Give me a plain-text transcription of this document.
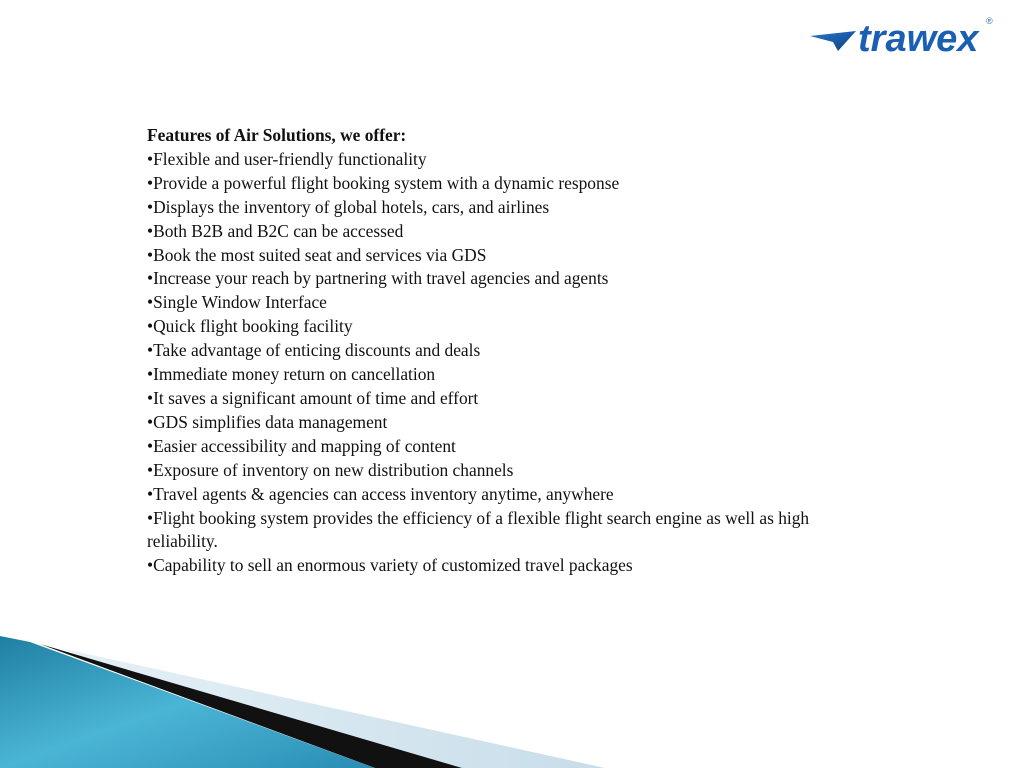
trawex ®

Features of Air Solutions, we offer:

•Flexible and user-friendly functionality
•Provide a powerful flight booking system with a dynamic response
•Displays the inventory of global hotels, cars, and airlines
•Both B2B and B2C can be accessed
•Book the most suited seat and services via GDS
•Increase your reach by partnering with travel agencies and agents
•Single Window Interface
•Quick flight booking facility
•Take advantage of enticing discounts and deals
•Immediate money return on cancellation
•It saves a significant amount of time and effort
•GDS simplifies data management
•Easier accessibility and mapping of content
•Exposure of inventory on new distribution channels
•Travel agents & agencies can access inventory anytime, anywhere
•Flight booking system provides the efficiency of a flexible flight search engine as well as high reliability.
•Capability to sell an enormous variety of customized travel packages
